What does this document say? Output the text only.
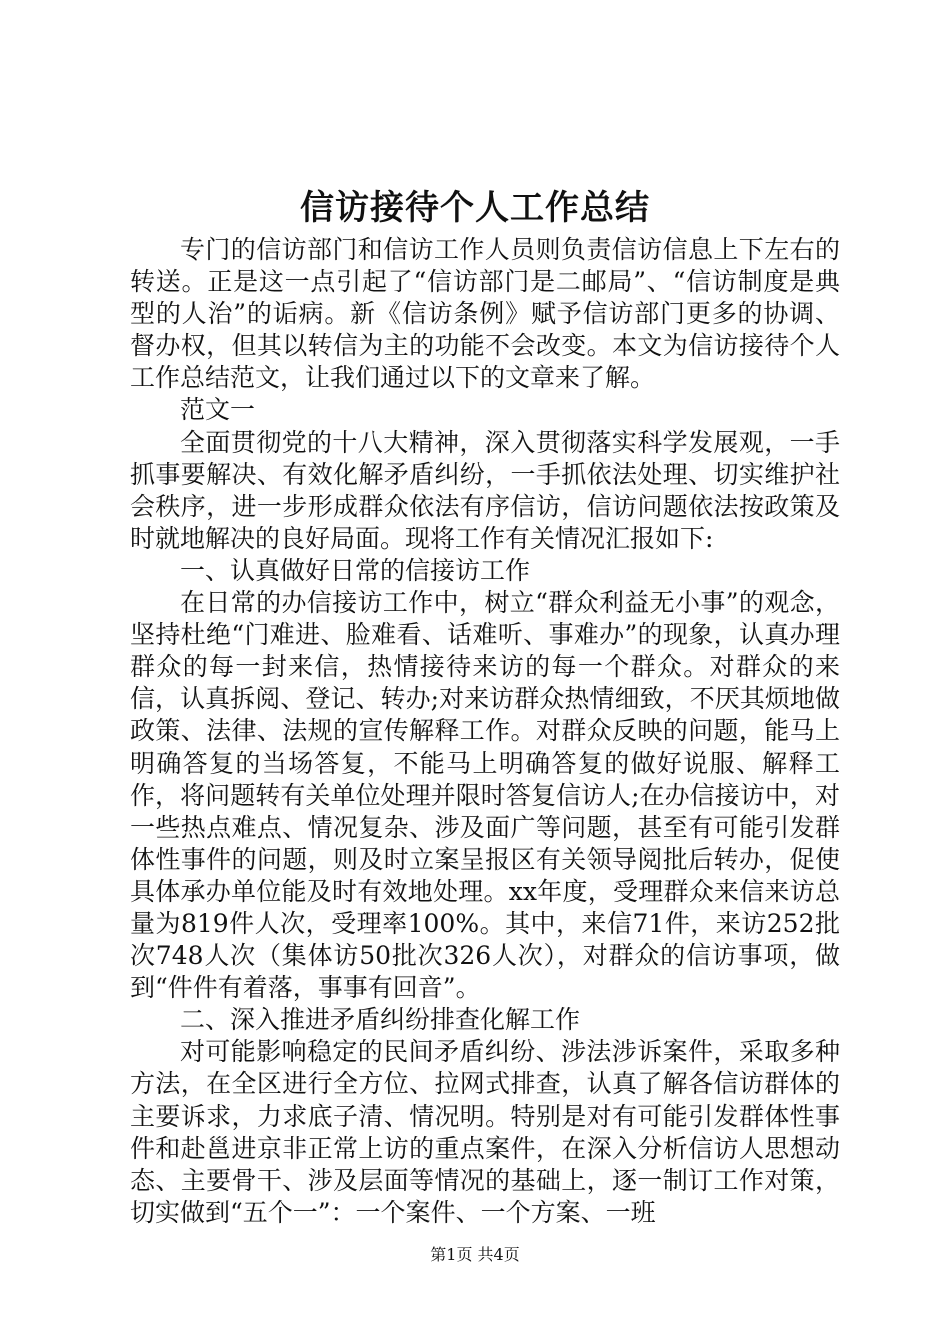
信访接待个人工作总结

专门的信访部门和信访工作人员则负责信访信息上下左右的转送。正是这一点引起了“信访部门是二邮局”、“信访制度是典型的人治”的诟病。新《信访条例》赋予信访部门更多的协调、督办权，但其以转信为主的功能不会改变。本文为信访接待个人工作总结范文，让我们通过以下的文章来了解。

范文一

全面贯彻党的十八大精神，深入贯彻落实科学发展观，一手抓事要解决、有效化解矛盾纠纷，一手抓依法处理、切实维护社会秩序，进一步形成群众依法有序信访，信访问题依法按政策及时就地解决的良好局面。现将工作有关情况汇报如下:

一、认真做好日常的信接访工作

在日常的办信接访工作中，树立“群众利益无小事”的观念，坚持杜绝“门难进、脸难看、话难听、事难办”的现象，认真办理群众的每一封来信，热情接待来访的每一个群众。对群众的来信，认真拆阅、登记、转办;对来访群众热情细致，不厌其烦地做政策、法律、法规的宣传解释工作。对群众反映的问题，能马上明确答复的当场答复，不能马上明确答复的做好说服、解释工作，将问题转有关单位处理并限时答复信访人;在办信接访中，对一些热点难点、情况复杂、涉及面广等问题，甚至有可能引发群体性事件的问题，则及时立案呈报区有关领导阅批后转办，促使具体承办单位能及时有效地处理。xx年度，受理群众来信来访总量为819件人次，受理率100%。其中，来信71件，来访252批次748人次（集体访50批次326人次），对群众的信访事项，做到“件件有着落，事事有回音”。

二、深入推进矛盾纠纷排查化解工作

对可能影响稳定的民间矛盾纠纷、涉法涉诉案件，采取多种方法，在全区进行全方位、拉网式排查，认真了解各信访群体的主要诉求，力求底子清、情况明。特别是对有可能引发群体性事件和赴邕进京非正常上访的重点案件，在深入分析信访人思想动态、主要骨干、涉及层面等情况的基础上，逐一制订工作对策，切实做到“五个一”：一个案件、一个方案、一班

第1页 共4页
